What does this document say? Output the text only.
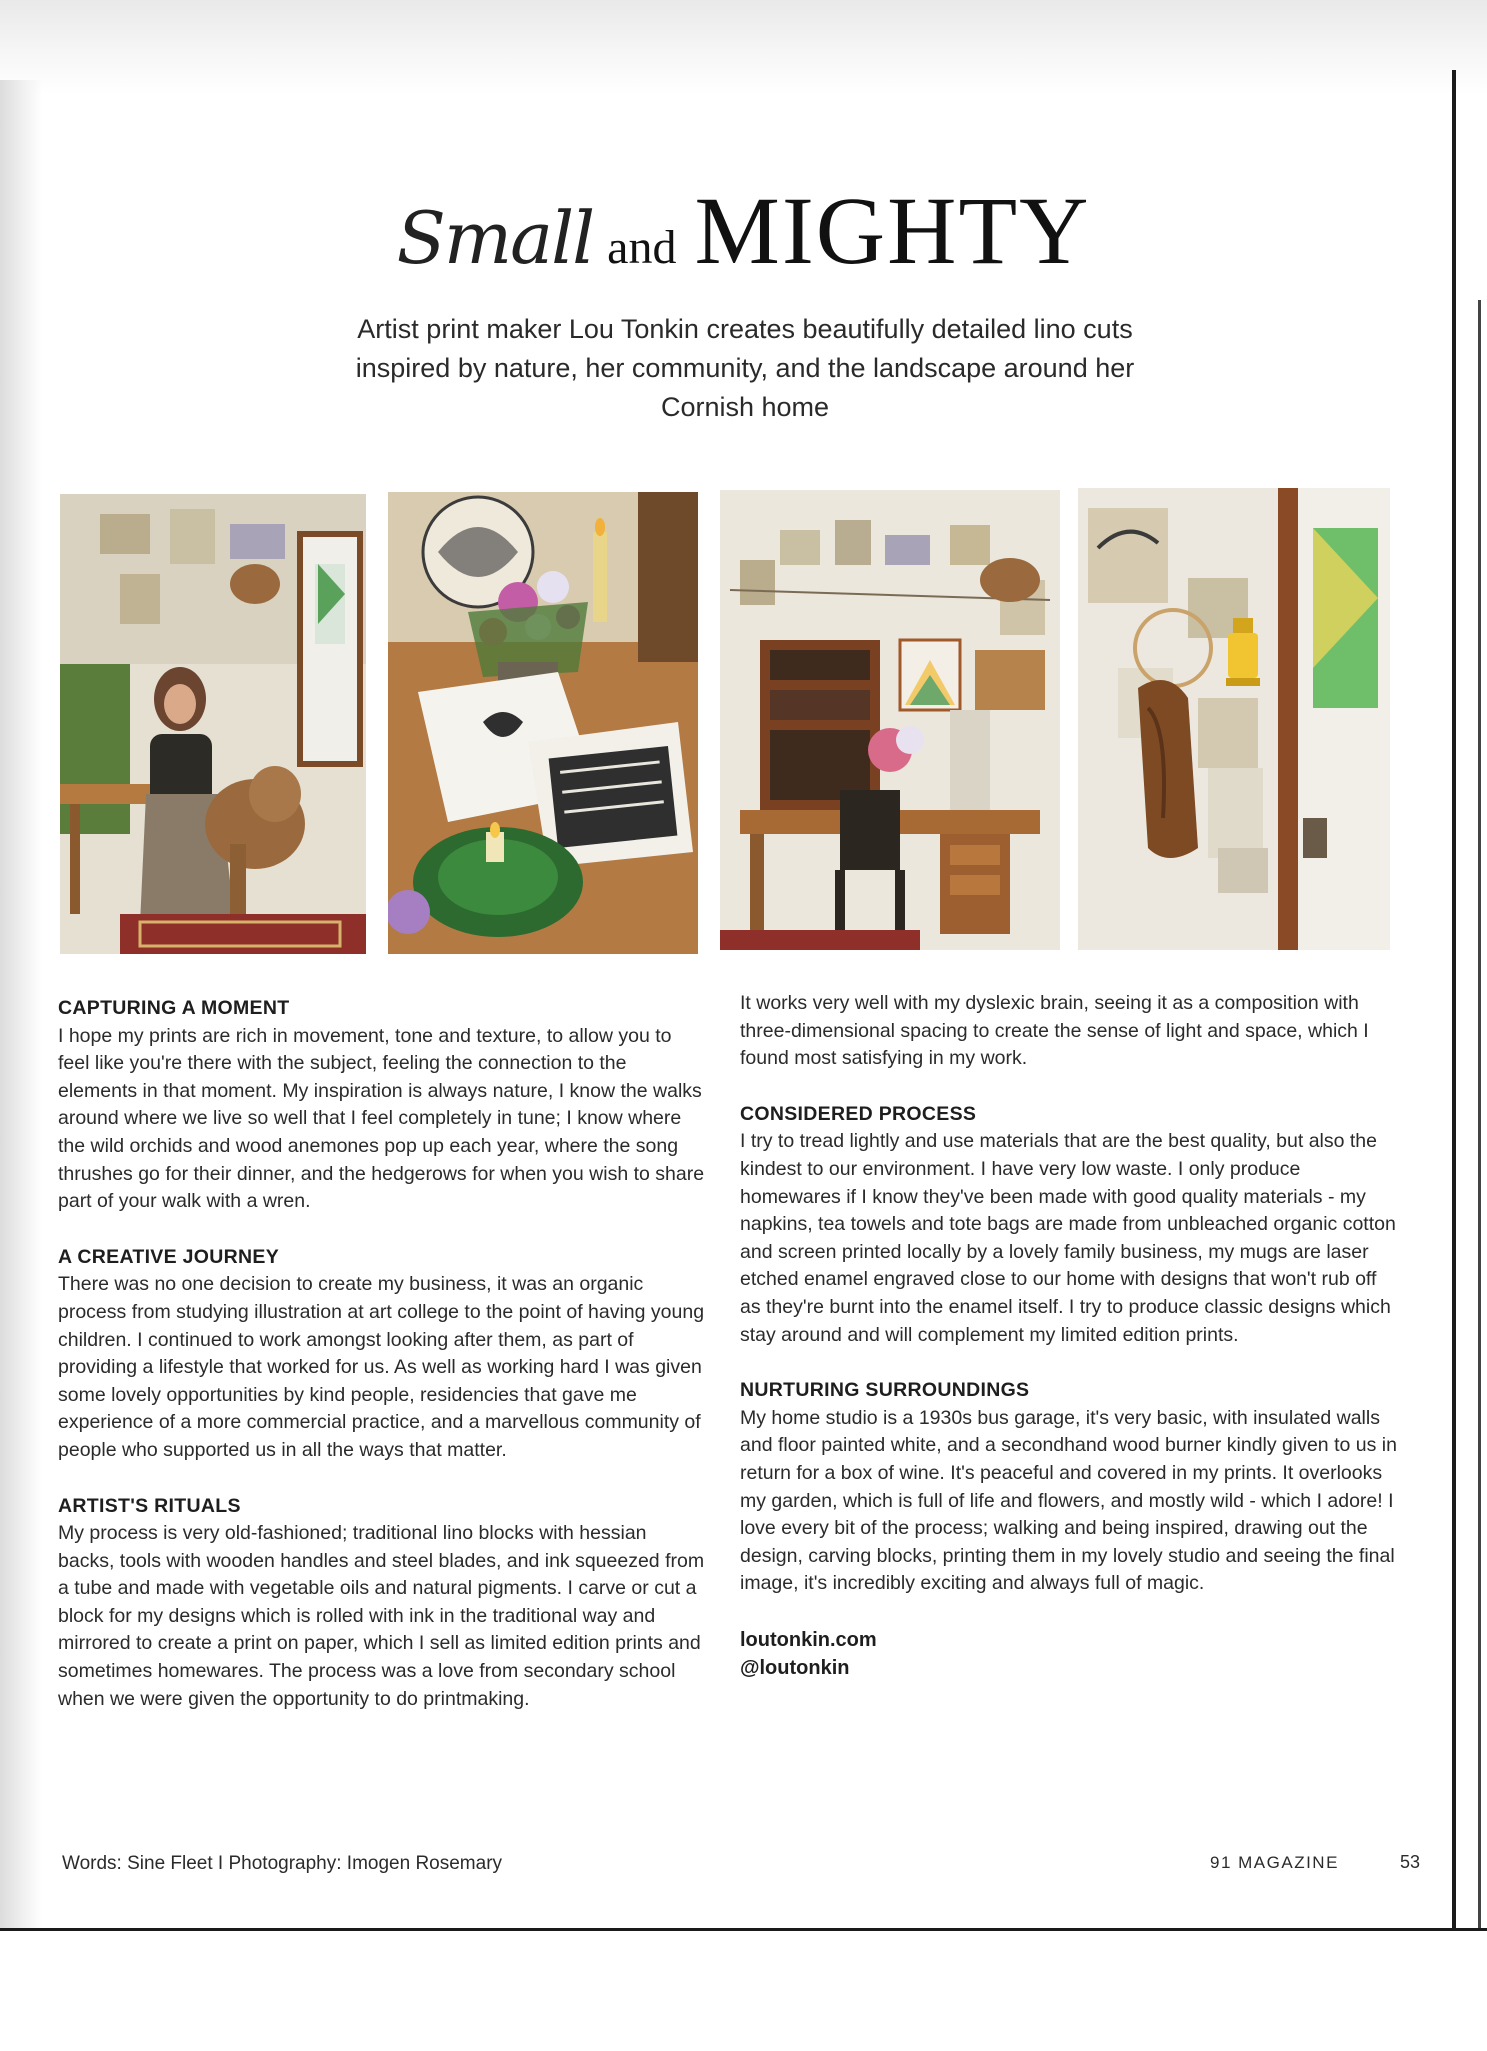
Small and MIGHTY
Artist print maker Lou Tonkin creates beautifully detailed lino cuts inspired by nature, her community, and the landscape around her Cornish home
CAPTURING A MOMENT

I hope my prints are rich in movement, tone and texture, to allow you to feel like you're there with the subject, feeling the connection to the elements in that moment. My inspiration is always nature, I know the walks around where we live so well that I feel completely in tune; I know where the wild orchids and wood anemones pop up each year, where the song thrushes go for their dinner, and the hedgerows for when you wish to share part of your walk with a wren.

A CREATIVE JOURNEY

There was no one decision to create my business, it was an organic process from studying illustration at art college to the point of having young children. I continued to work amongst looking after them, as part of providing a lifestyle that worked for us. As well as working hard I was given some lovely opportunities by kind people, residencies that gave me experience of a more commercial practice, and a marvellous community of people who supported us in all the ways that matter.

ARTIST'S RITUALS

My process is very old-fashioned; traditional lino blocks with hessian backs, tools with wooden handles and steel blades, and ink squeezed from a tube and made with vegetable oils and natural pigments. I carve or cut a block for my designs which is rolled with ink in the traditional way and mirrored to create a print on paper, which I sell as limited edition prints and sometimes homewares. The process was a love from secondary school when we were given the opportunity to do printmaking.

It works very well with my dyslexic brain, seeing it as a composition with three-dimensional spacing to create the sense of light and space, which I found most satisfying in my work.

CONSIDERED PROCESS

I try to tread lightly and use materials that are the best quality, but also the kindest to our environment. I have very low waste. I only produce homewares if I know they've been made with good quality materials - my napkins, tea towels and tote bags are made from unbleached organic cotton and screen printed locally by a lovely family business, my mugs are laser etched enamel engraved close to our home with designs that won't rub off as they're burnt into the enamel itself. I try to produce classic designs which stay around and will complement my limited edition prints.

NURTURING SURROUNDINGS

My home studio is a 1930s bus garage, it's very basic, with insulated walls and floor painted white, and a secondhand wood burner kindly given to us in return for a box of wine. It's peaceful and covered in my prints. It overlooks my garden, which is full of life and flowers, and mostly wild - which I adore! I love every bit of the process; walking and being inspired, drawing out the design, carving blocks, printing them in my lovely studio and seeing the final image, it's incredibly exciting and always full of magic.

loutonkin.com
@loutonkin
Words: Sine Fleet I Photography: Imogen Rosemary	91 MAGAZINE	53
